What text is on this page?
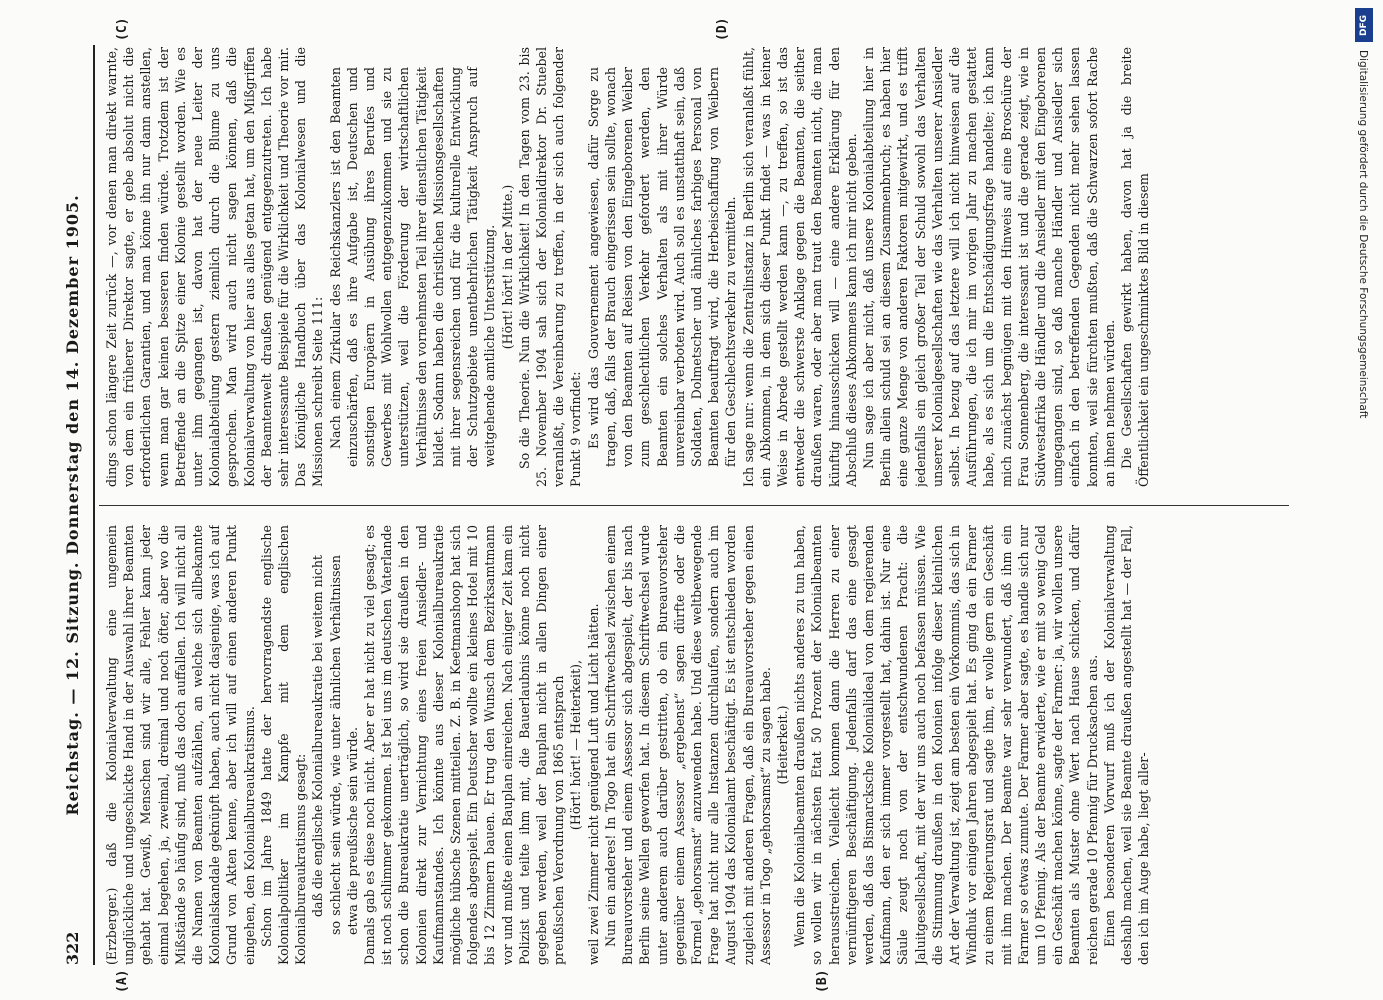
322
Reichstag. — 12. Sitzung. Donnerstag den 14. Dezember 1905.
(A)	(B)
(C)	(D)

(Erzberger.) daß die Kolonialverwaltung eine ungemein unglückliche und ungeschickte Hand in der Auswahl ihrer Beamten gehabt hat. Gewiß, Menschen sind wir alle, Fehler kann jeder einmal begehen, ja, zweimal, dreimal und noch öfter, aber wo die Mißstände so häufig sind, muß das doch auffallen. Ich will nicht all die Namen von Beamten aufzählen, an welche sich allbekannte Kolonialskandale geknüpft haben, auch nicht dasjenige, was ich auf Grund von Akten kenne, aber ich will auf einen anderen Punkt eingehen, den Kolonialbureaukratismus. Schon im Jahre 1849 hatte der hervorragendste englische Kolonialpolitiker im Kampfe mit dem englischen Kolonialbureaukratismus gesagt: daß die englische Kolonialbureaukratie bei weitem nicht so schlecht sein würde, wie unter ähnlichen Verhältnissen etwa die preußische sein würde. Damals gab es diese noch nicht. Aber er hat nicht zu viel gesagt; es ist noch schlimmer gekommen. Ist bei uns im deutschen Vaterlande schon die Bureaukratie unerträglich, so wird sie draußen in den Kolonien direkt zur Vernichtung eines freien Ansiedler- und Kaufmannstandes. Ich könnte aus dieser Kolonialbureaukratie mögliche hübsche Szenen mitteilen. Z. B. in Keetmanshoop hat sich folgendes abgespielt. Ein Deutscher wollte ein kleines Hotel mit 10 bis 12 Zimmern bauen. Er trug den Wunsch dem Bezirksamtmann vor und mußte einen Bauplan einreichen. Nach einiger Zeit kam ein Polizist und teilte ihm mit, die Bauerlaubnis könne noch nicht gegeben werden, weil der Bauplan nicht in allen Dingen einer preußischen Verordnung von 1865 entsprach (Hört! hört! — Heiterkeit), weil zwei Zimmer nicht genügend Luft und Licht hätten. Nun ein anderes! In Togo hat ein Schriftwechsel zwischen einem Bureauvorsteher und einem Assessor sich abgespielt, der bis nach Berlin seine Wellen geworfen hat. In diesem Schriftwechsel wurde unter anderem auch darüber gestritten, ob ein Bureauvorsteher gegenüber einem Assessor „ergebenst“ sagen dürfte oder die Formel „gehorsamst“ anzuwenden habe. Und diese weltbewegende Frage hat nicht nur alle Instanzen durchlaufen, sondern auch im August 1904 das Kolonialamt beschäftigt. Es ist entschieden worden zugleich mit anderen Fragen, daß ein Bureauvorsteher gegen einen Assessor in Togo „gehorsamst“ zu sagen habe. (Heiterkeit.) Wenn die Kolonialbeamten draußen nichts anderes zu tun haben, so wollen wir in nächsten Etat 50 Prozent der Kolonialbeamten herausstreichen. Vielleicht kommen dann die Herren zu einer vernünftigeren Beschäftigung. Jedenfalls darf das eine gesagt werden, daß das Bismarcksche Kolonialideal von dem regierenden Kaufmann, den er sich immer vorgestellt hat, dahin ist. Nur eine Säule zeugt noch von der entschwundenen Pracht: die Jaluitgesellschaft, mit der wir uns auch noch befassen müssen. Wie die Stimmung draußen in den Kolonien infolge dieser kleinlichen Art der Verwaltung ist, zeigt am besten ein Vorkommnis, das sich in Windhuk vor einigen Jahren abgespielt hat. Es ging da ein Farmer zu einem Regierungsrat und sagte ihm, er wolle gern ein Geschäft mit ihm machen. Der Beamte war sehr verwundert, daß ihm ein Farmer so etwas zumute. Der Farmer aber sagte, es handle sich nur um 10 Pfennig. Als der Beamte erwiderte, wie er mit so wenig Geld ein Geschäft machen könne, sagte der Farmer: ja, wir wollen unsere Beamten als Muster ohne Wert nach Hause schicken, und dafür reichen gerade 10 Pfennig für Drucksachen aus. Einen besonderen Vorwurf muß ich der Kolonialverwaltung deshalb machen, weil sie Beamte draußen angestellt hat — der Fall, den ich im Auge habe, liegt aller-

dings schon längere Zeit zurück —, vor denen man direkt warnte, von dem ein früherer Direktor sagte, er gebe absolut nicht die erforderlichen Garantien, und man könne ihn nur dann anstellen, wenn man gar keinen besseren finden würde. Trotzdem ist der Betreffende an die Spitze einer Kolonie gestellt worden. Wie es unter ihm gegangen ist, davon hat der neue Leiter der Kolonialabteilung gestern ziemlich durch die Blume zu uns gesprochen. Man wird auch nicht sagen können, daß die Kolonialverwaltung von hier aus alles getan hat, um den Mißgriffen der Beamtenwelt draußen genügend entgegenzutreten. Ich habe sehr interessante Beispiele für die Wirklichkeit und Theorie vor mir. Das Königliche Handbuch über das Kolonialwesen und die Missionen schreibt Seite 111: Nach einem Zirkular des Reichskanzlers ist den Beamten einzuschärfen, daß es ihre Aufgabe ist, Deutschen und sonstigen Europäern in Ausübung ihres Berufes und Gewerbes mit Wohlwollen entgegenzukommen und sie zu unterstützen, weil die Förderung der wirtschaftlichen Verhältnisse den vornehmsten Teil ihrer dienstlichen Tätigkeit bildet. Sodann haben die christlichen Missionsgesellschaften mit ihrer segensreichen und für die kulturelle Entwicklung der Schutzgebiete unentbehrlichen Tätigkeit Anspruch auf weitgehende amtliche Unterstützung. (Hört! hört! in der Mitte.) So die Theorie. Nun die Wirklichkeit! In den Tagen vom 23. bis 25. November 1904 sah sich der Kolonialdirektor Dr. Stuebel veranlaßt, die Vereinbarung zu treffen, in der sich auch folgender Punkt 9 vorfindet: Es wird das Gouvernement angewiesen, dafür Sorge zu tragen, daß, falls der Brauch eingerissen sein sollte, wonach von den Beamten auf Reisen von den Eingeborenen Weiber zum geschlechtlichen Verkehr gefordert werden, den Beamten ein solches Verhalten als mit ihrer Würde unvereinbar verboten wird. Auch soll es unstatthaft sein, daß Soldaten, Dolmetscher und ähnliches farbiges Personal von Beamten beauftragt wird, die Herbeischaffung von Weibern für den Geschlechtsverkehr zu vermitteln. Ich sage nur: wenn die Zentralinstanz in Berlin sich veranlaßt fühlt, ein Abkommen, in dem sich dieser Punkt findet — was in keiner Weise in Abrede gestellt werden kann —, zu treffen, so ist das entweder die schwerste Anklage gegen die Beamten, die seither draußen waren, oder aber man traut den Beamten nicht, die man künftig hinausschicken will — eine andere Erklärung für den Abschluß dieses Abkommens kann ich mir nicht geben. Nun sage ich aber nicht, daß unsere Kolonialabteilung hier in Berlin allein schuld sei an diesem Zusammenbruch; es haben hier eine ganze Menge von anderen Faktoren mitgewirkt, und es trifft jedenfalls ein gleich großer Teil der Schuld sowohl das Verhalten unserer Kolonialgesellschaften wie das Verhalten unserer Ansiedler selbst. In bezug auf das letztere will ich nicht hinweisen auf die Ausführungen, die ich mir im vorigen Jahr zu machen gestattet habe, als es sich um die Entschädigungsfrage handelte; ich kann mich zunächst begnügen mit den Hinweis auf eine Broschüre der Frau Sonnenberg, die interessant ist und die gerade zeigt, wie in Südwestafrika die Händler und die Ansiedler mit den Eingeborenen umgegangen sind, so daß manche Händler und Ansiedler sich einfach in den betreffenden Gegenden nicht mehr sehen lassen konnten, weil sie fürchten mußten, daß die Schwarzen sofort Rache an ihnen nehmen würden. Die Gesellschaften gewirkt haben, davon hat ja die breite Öffentlichkeit ein ungeschminktes Bild in diesem

DFG
Digitalisierung gefördert durch die Deutsche Forschungsgemeinschaft
